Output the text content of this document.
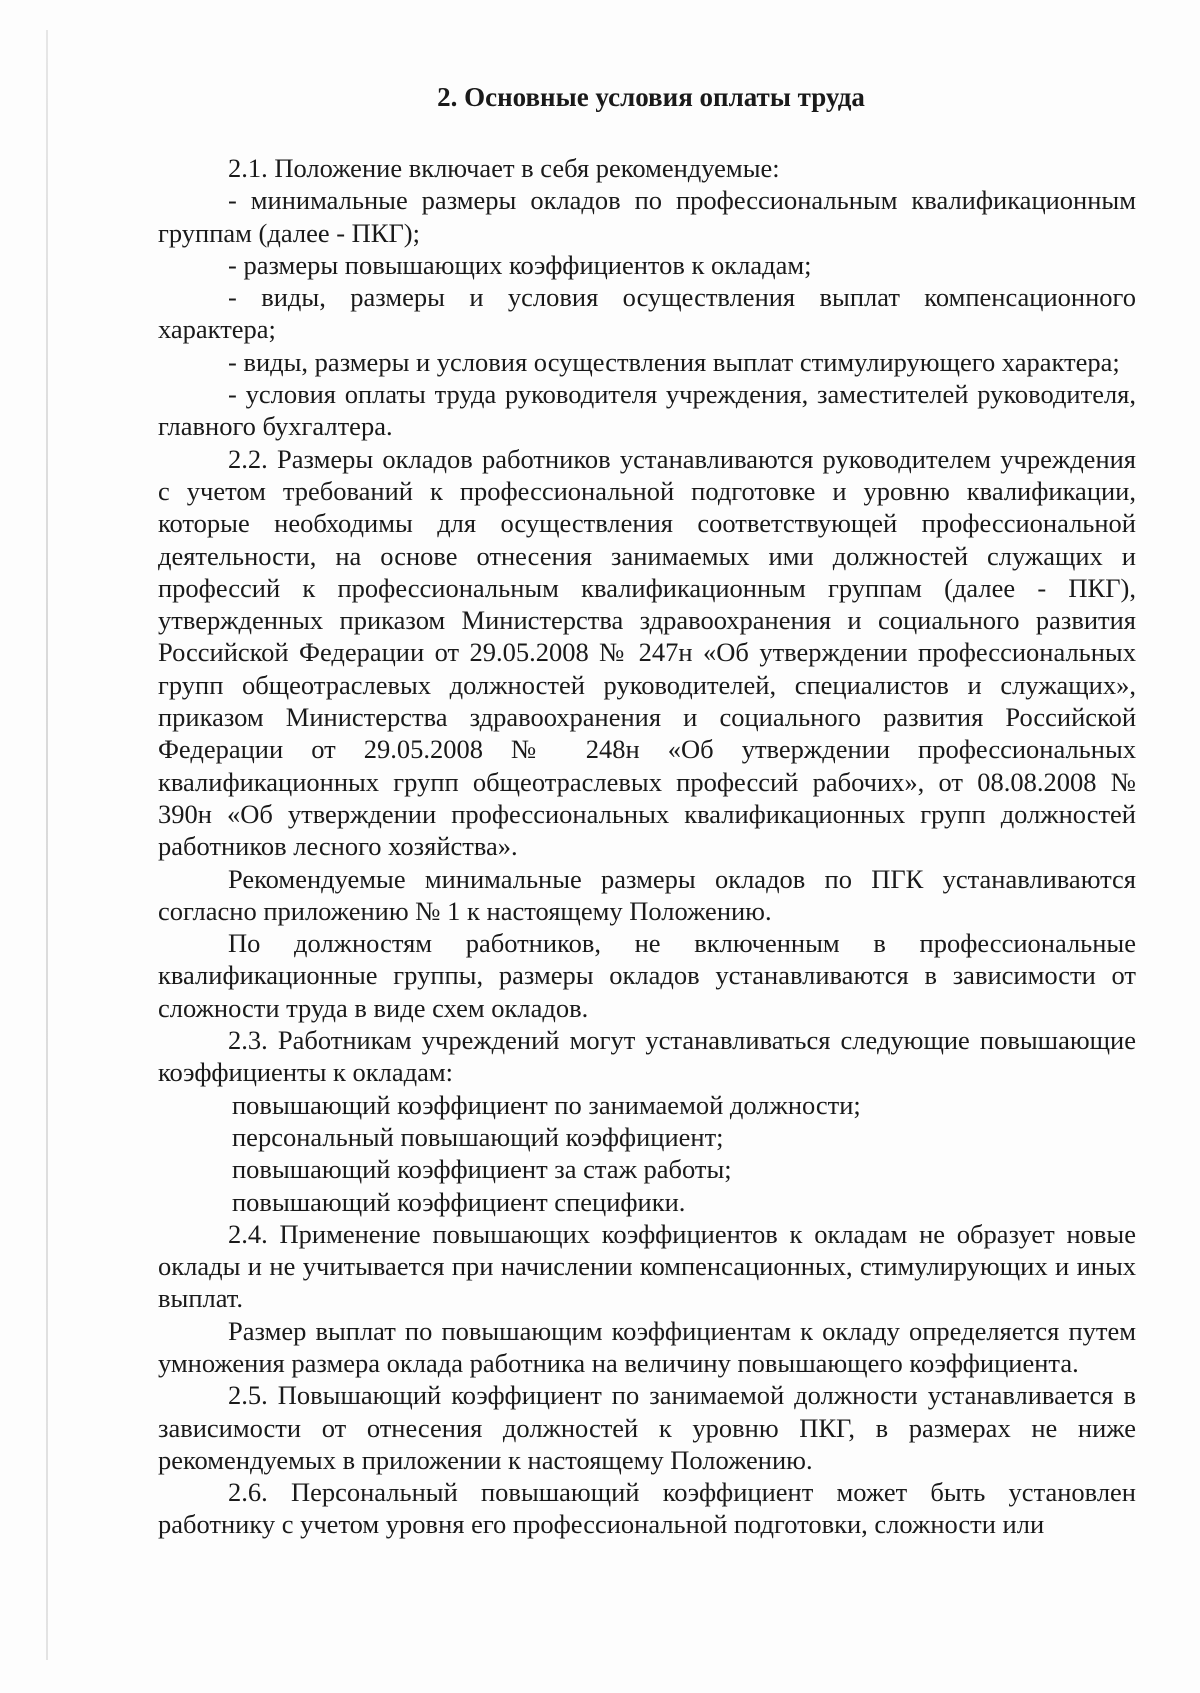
2. Основные условия оплаты труда

2.1. Положение включает в себя рекомендуемые:

- минимальные размеры окладов по профессиональным квалификационным группам (далее - ПКГ);

- размеры повышающих коэффициентов к окладам;

- виды, размеры и условия осуществления выплат компенсационного характера;

- виды, размеры и условия осуществления выплат стимулирующего характера;

- условия оплаты труда руководителя учреждения, заместителей руководителя, главного бухгалтера.

2.2. Размеры окладов работников устанавливаются руководителем учреждения с учетом требований к профессиональной подготовке и уровню квалификации, которые необходимы для осуществления соответствующей профессиональной деятельности, на основе отнесения занимаемых ими должностей служащих и профессий к профессиональным квалификационным группам (далее - ПКГ), утвержденных приказом Министерства здравоохранения и социального развития Российской Федерации от 29.05.2008 № 247н «Об утверждении профессиональных групп общеотраслевых должностей руководителей, специалистов и служащих», приказом Министерства здравоохранения и социального развития Российской Федерации от 29.05.2008 № 248н «Об утверждении профессиональных квалификационных групп общеотраслевых профессий рабочих», от 08.08.2008 № 390н «Об утверждении профессиональных квалификационных групп должностей работников лесного хозяйства».

Рекомендуемые минимальные размеры окладов по ПГК устанавливаются согласно приложению № 1 к настоящему Положению.

По должностям работников, не включенным в профессиональные квалификационные группы, размеры окладов устанавливаются в зависимости от сложности труда в виде схем окладов.

2.3. Работникам учреждений могут устанавливаться следующие повышающие коэффициенты к окладам:

повышающий коэффициент по занимаемой должности;

персональный повышающий коэффициент;

повышающий коэффициент за стаж работы;

повышающий коэффициент специфики.

2.4. Применение повышающих коэффициентов к окладам не образует новые оклады и не учитывается при начислении компенсационных, стимулирующих и иных выплат.

Размер выплат по повышающим коэффициентам к окладу определяется путем умножения размера оклада работника на величину повышающего коэффициента.

2.5. Повышающий коэффициент по занимаемой должности устанавливается в зависимости от отнесения должностей к уровню ПКГ, в размерах не ниже рекомендуемых в приложении к настоящему Положению.

2.6. Персональный повышающий коэффициент может быть установлен работнику с учетом уровня его профессиональной подготовки, сложности или
